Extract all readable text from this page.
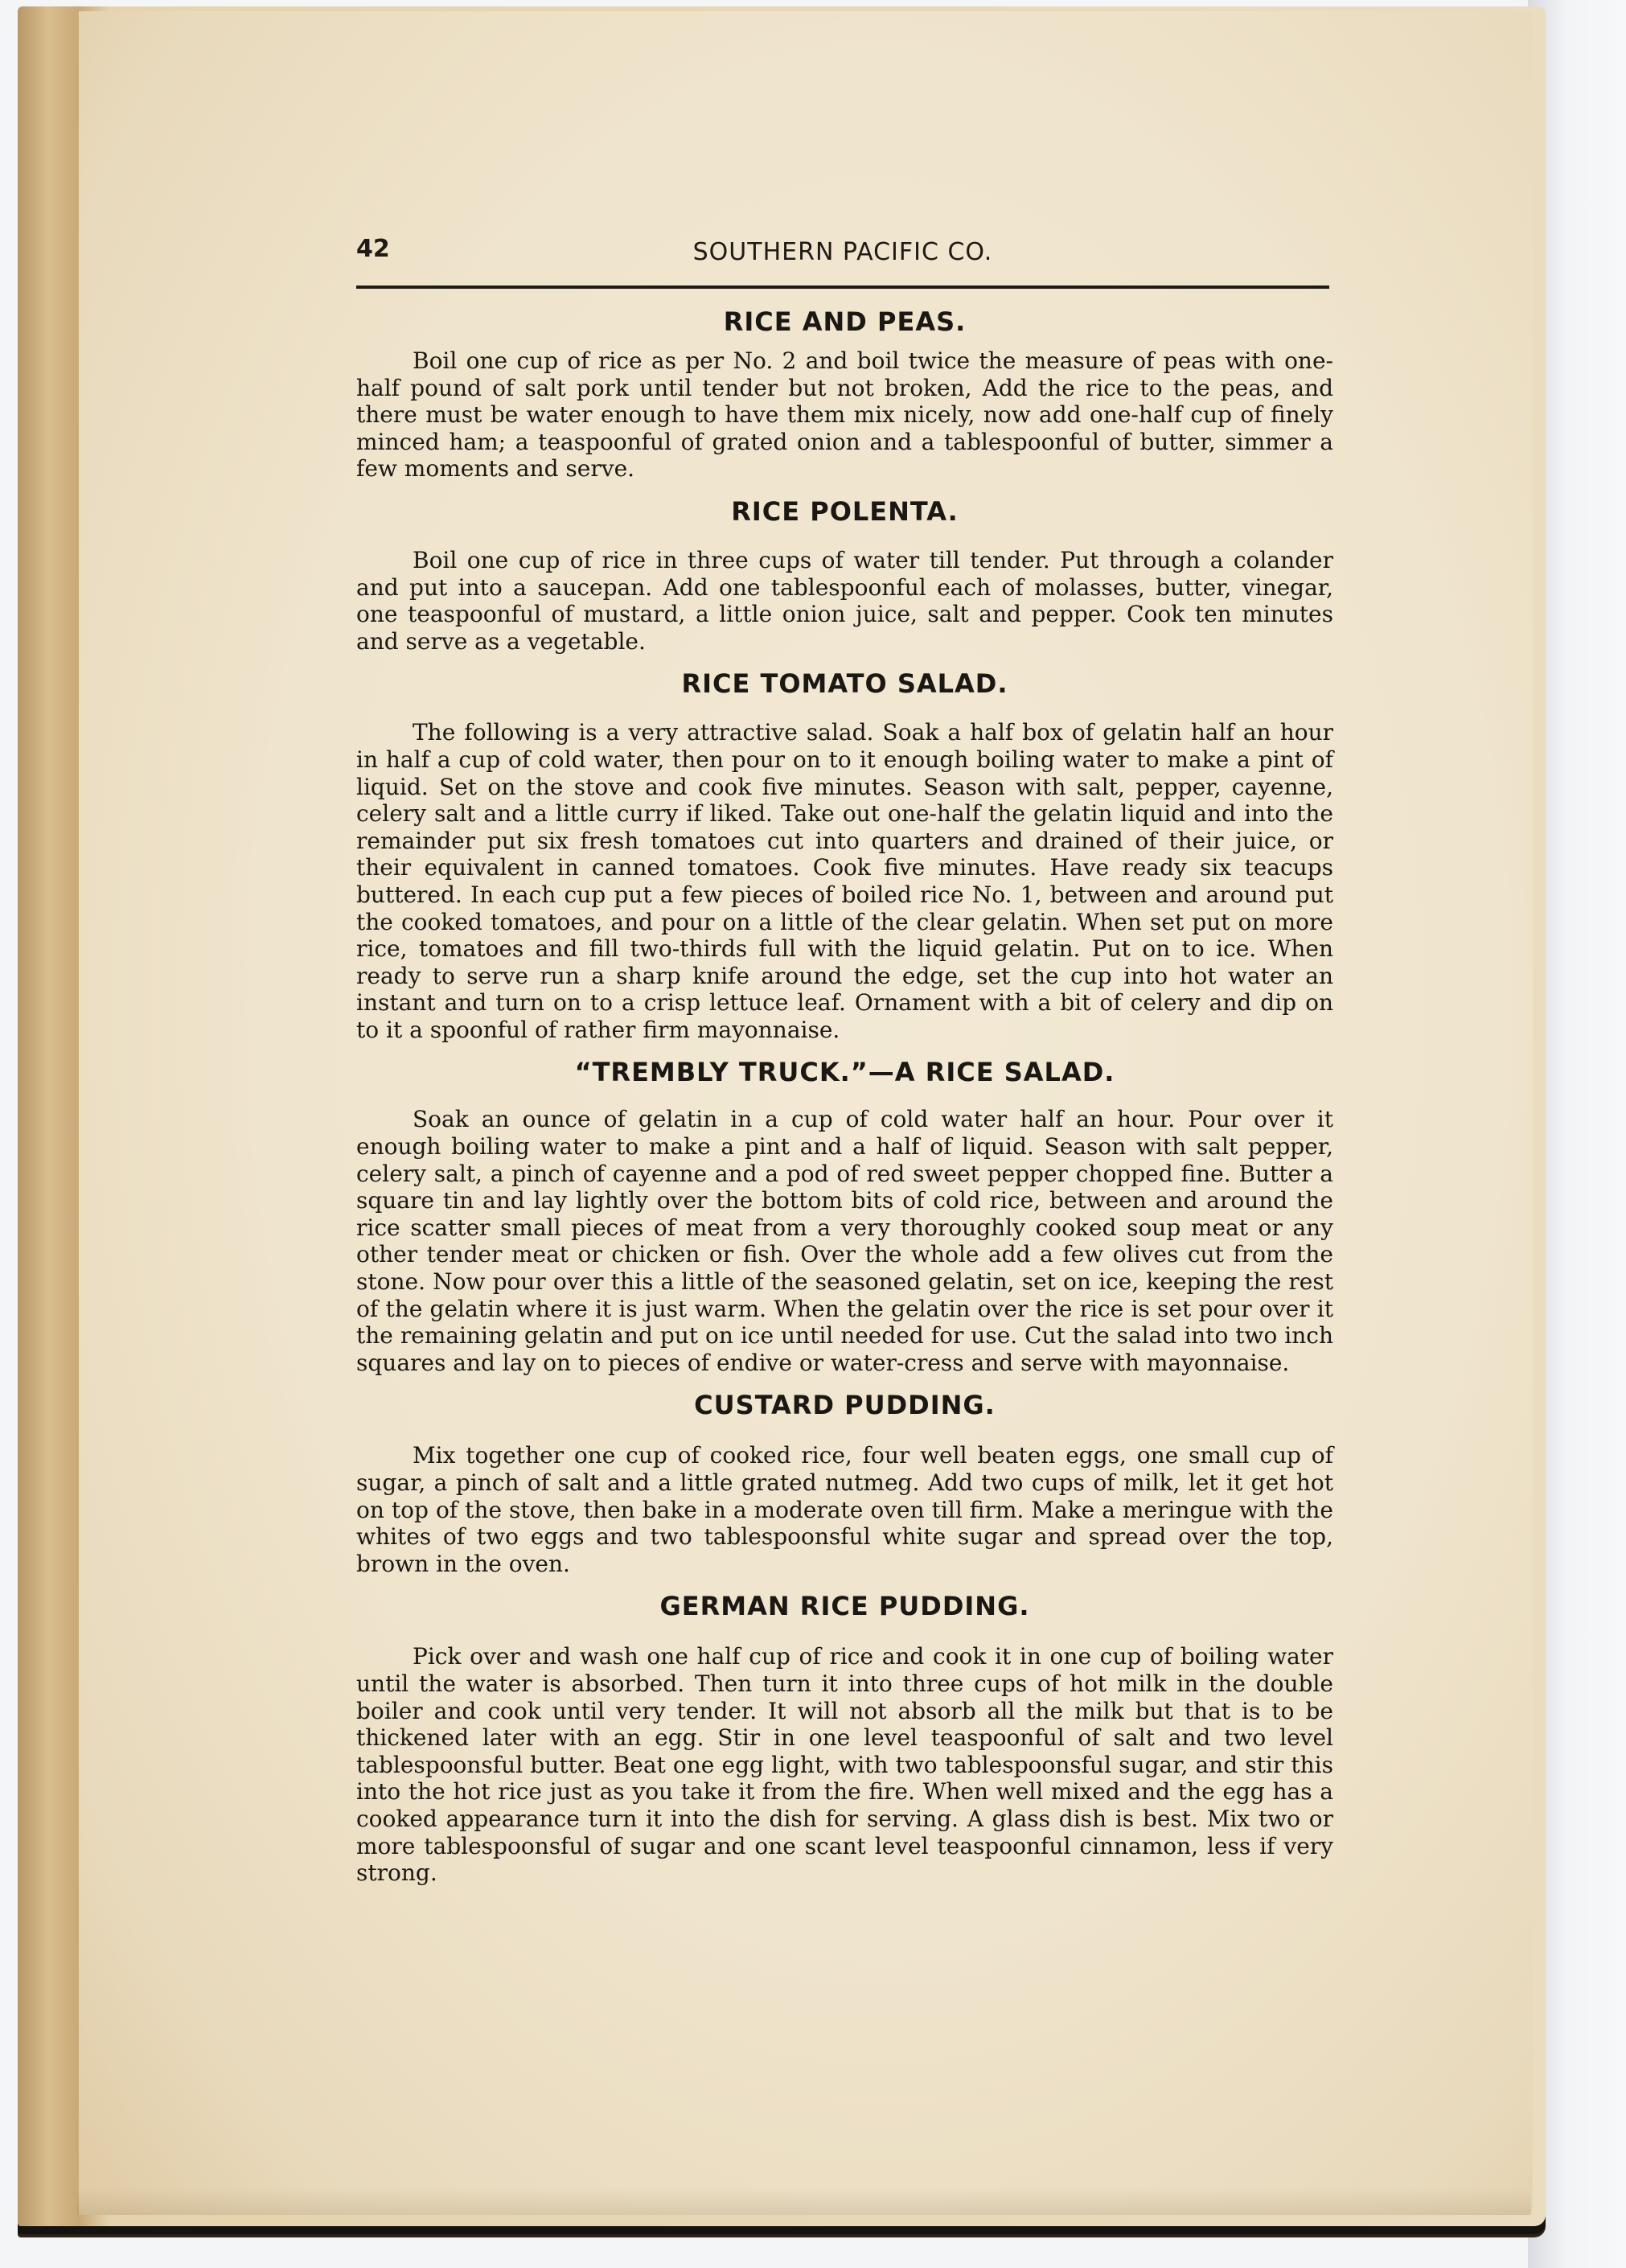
42	SOUTHERN PACIFIC CO.
RICE AND PEAS.

Boil one cup of rice as per No. 2 and boil twice the measure of peas with one-half pound of salt pork until tender but not broken, Add the rice to the peas, and there must be water enough to have them mix nicely, now add one-half cup of finely minced ham; a teaspoonful of grated onion and a tablespoonful of butter, simmer a few moments and serve.

RICE POLENTA.

Boil one cup of rice in three cups of water till tender. Put through a colander and put into a saucepan. Add one tablespoonful each of molasses, butter, vinegar, one teaspoonful of mustard, a little onion juice, salt and pepper. Cook ten minutes and serve as a vegetable.

RICE TOMATO SALAD.

The following is a very attractive salad. Soak a half box of gelatin half an hour in half a cup of cold water, then pour on to it enough boiling water to make a pint of liquid. Set on the stove and cook five minutes. Season with salt, pepper, cayenne, celery salt and a little curry if liked. Take out one-half the gelatin liquid and into the remainder put six fresh tomatoes cut into quarters and drained of their juice, or their equivalent in canned tomatoes. Cook five minutes. Have ready six teacups buttered. In each cup put a few pieces of boiled rice No. 1, between and around put the cooked tomatoes, and pour on a little of the clear gelatin. When set put on more rice, tomatoes and fill two-thirds full with the liquid gelatin. Put on to ice. When ready to serve run a sharp knife around the edge, set the cup into hot water an instant and turn on to a crisp lettuce leaf. Ornament with a bit of celery and dip on to it a spoonful of rather firm mayonnaise.

“TREMBLY TRUCK.”—A RICE SALAD.

Soak an ounce of gelatin in a cup of cold water half an hour. Pour over it enough boiling water to make a pint and a half of liquid. Season with salt pepper, celery salt, a pinch of cayenne and a pod of red sweet pepper chopped fine. Butter a square tin and lay lightly over the bottom bits of cold rice, between and around the rice scatter small pieces of meat from a very thoroughly cooked soup meat or any other tender meat or chicken or fish. Over the whole add a few olives cut from the stone. Now pour over this a little of the seasoned gelatin, set on ice, keeping the rest of the gelatin where it is just warm. When the gelatin over the rice is set pour over it the remaining gelatin and put on ice until needed for use. Cut the salad into two inch squares and lay on to pieces of endive or water-cress and serve with mayonnaise.

CUSTARD PUDDING.

Mix together one cup of cooked rice, four well beaten eggs, one small cup of sugar, a pinch of salt and a little grated nutmeg. Add two cups of milk, let it get hot on top of the stove, then bake in a moderate oven till firm. Make a meringue with the whites of two eggs and two tablespoonsful white sugar and spread over the top, brown in the oven.

GERMAN RICE PUDDING.

Pick over and wash one half cup of rice and cook it in one cup of boiling water until the water is absorbed. Then turn it into three cups of hot milk in the double boiler and cook until very tender. It will not absorb all the milk but that is to be thickened later with an egg. Stir in one level teaspoonful of salt and two level tablespoonsful butter. Beat one egg light, with two tablespoonsful sugar, and stir this into the hot rice just as you take it from the fire. When well mixed and the egg has a cooked appearance turn it into the dish for serving. A glass dish is best. Mix two or more tablespoonsful of sugar and one scant level teaspoonful cinnamon, less if very strong.
